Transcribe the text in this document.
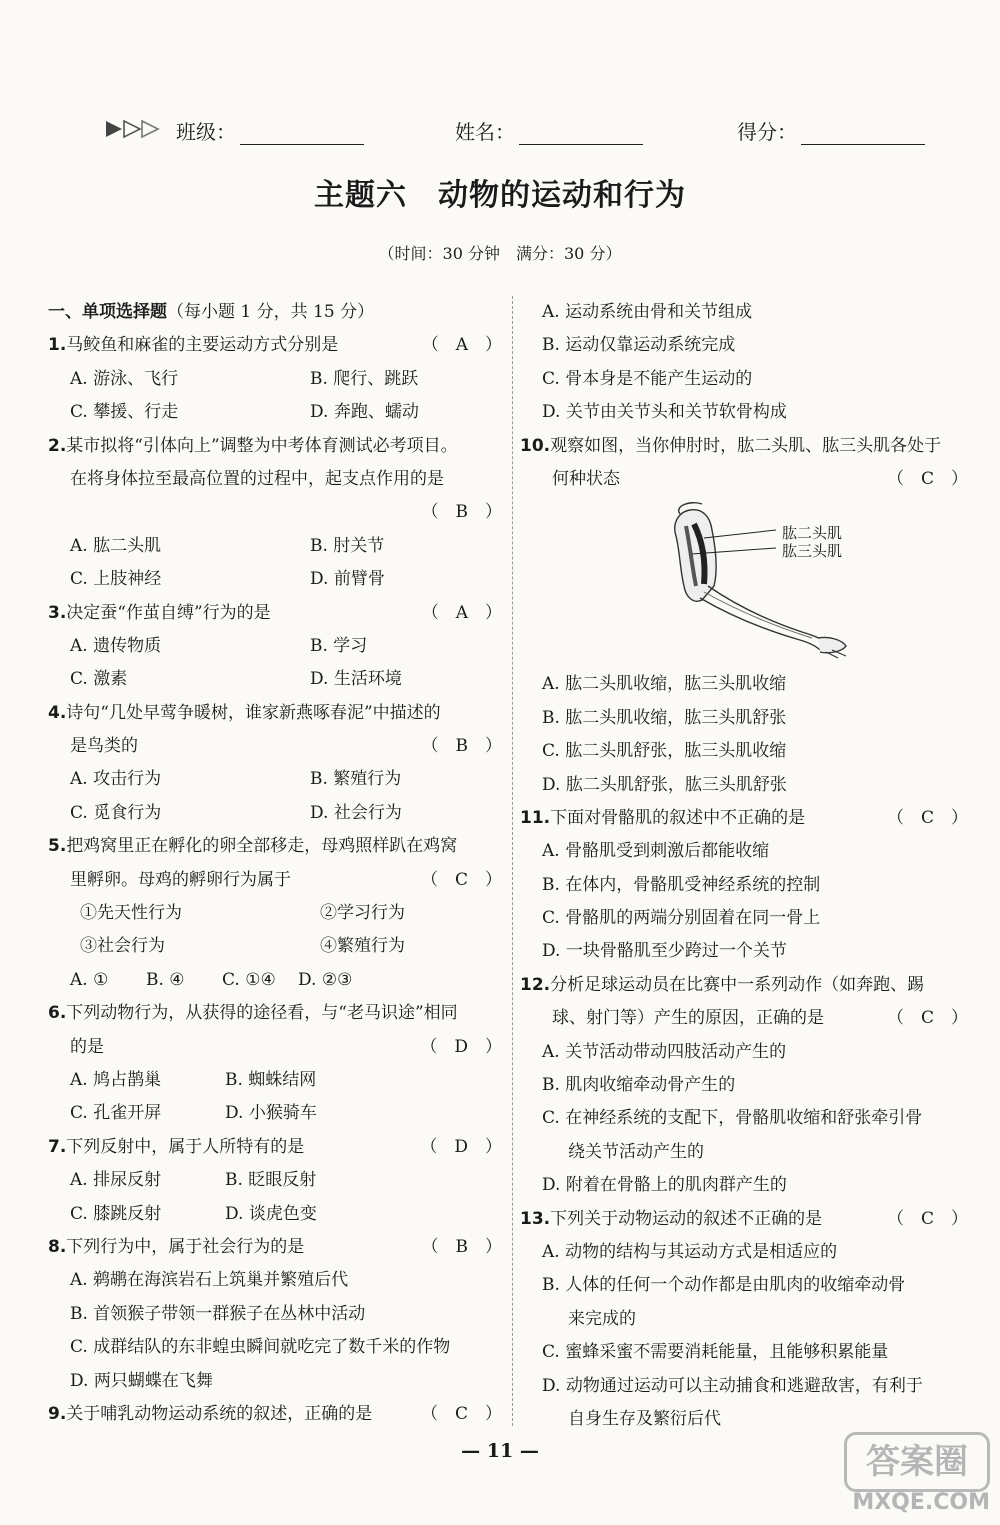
班级：	姓名：	得分：
主题六　动物的运动和行为
（时间：30 分钟　满分：30 分）
一、单项选择题（每小题 1 分，共 15 分）
1.马鲛鱼和麻雀的主要运动方式分别是	（　A　）
A. 游泳、飞行	B. 爬行、跳跃
C. 攀援、行走	D. 奔跑、蠕动
2.某市拟将“引体向上”调整为中考体育测试必考项目。
在将身体拉至最高位置的过程中，起支点作用的是
（　B　）
A. 肱二头肌	B. 肘关节
C. 上肢神经	D. 前臂骨
3.决定蚕“作茧自缚”行为的是	（　A　）
A. 遗传物质	B. 学习
C. 激素	D. 生活环境
4.诗句“几处早莺争暖树，谁家新燕啄春泥”中描述的
是鸟类的	（　B　）
A. 攻击行为	B. 繁殖行为
C. 觅食行为	D. 社会行为
5.把鸡窝里正在孵化的卵全部移走，母鸡照样趴在鸡窝
里孵卵。母鸡的孵卵行为属于	（　C　）
①先天性行为	②学习行为
③社会行为	④繁殖行为
A. ① B. ④ C. ①④ D. ②③
6.下列动物行为，从获得的途径看，与“老马识途”相同
的是	（　D　）
A. 鸠占鹊巢	B. 蜘蛛结网
C. 孔雀开屏	D. 小猴骑车
7.下列反射中，属于人所特有的是	（　D　）
A. 排尿反射	B. 眨眼反射
C. 膝跳反射	D. 谈虎色变
8.下列行为中，属于社会行为的是	（　B　）
A. 鹈鹕在海滨岩石上筑巢并繁殖后代
B. 首领猴子带领一群猴子在丛林中活动
C. 成群结队的东非蝗虫瞬间就吃完了数千米的作物
D. 两只蝴蝶在飞舞
9.关于哺乳动物运动系统的叙述，正确的是	（　C　）
A. 运动系统由骨和关节组成
B. 运动仅靠运动系统完成
C. 骨本身是不能产生运动的
D. 关节由关节头和关节软骨构成
10.观察如图，当你伸肘时，肱二头肌、肱三头肌各处于
何种状态	（　C　）
肱二头肌
肱三头肌
A. 肱二头肌收缩，肱三头肌收缩
B. 肱二头肌收缩，肱三头肌舒张
C. 肱二头肌舒张，肱三头肌收缩
D. 肱二头肌舒张，肱三头肌舒张
11.下面对骨骼肌的叙述中不正确的是	（　C　）
A. 骨骼肌受到刺激后都能收缩
B. 在体内，骨骼肌受神经系统的控制
C. 骨骼肌的两端分别固着在同一骨上
D. 一块骨骼肌至少跨过一个关节
12.分析足球运动员在比赛中一系列动作（如奔跑、踢
球、射门等）产生的原因，正确的是	（　C　）
A. 关节活动带动四肢活动产生的
B. 肌肉收缩牵动骨产生的
C. 在神经系统的支配下，骨骼肌收缩和舒张牵引骨
绕关节活动产生的
D. 附着在骨骼上的肌肉群产生的
13.下列关于动物运动的叙述不正确的是	（　C　）
A. 动物的结构与其运动方式是相适应的
B. 人体的任何一个动作都是由肌肉的收缩牵动骨
来完成的
C. 蜜蜂采蜜不需要消耗能量，且能够积累能量
D. 动物通过运动可以主动捕食和逃避敌害，有利于
自身生存及繁衍后代
— 11 —	答案圈
MXQE.COM
